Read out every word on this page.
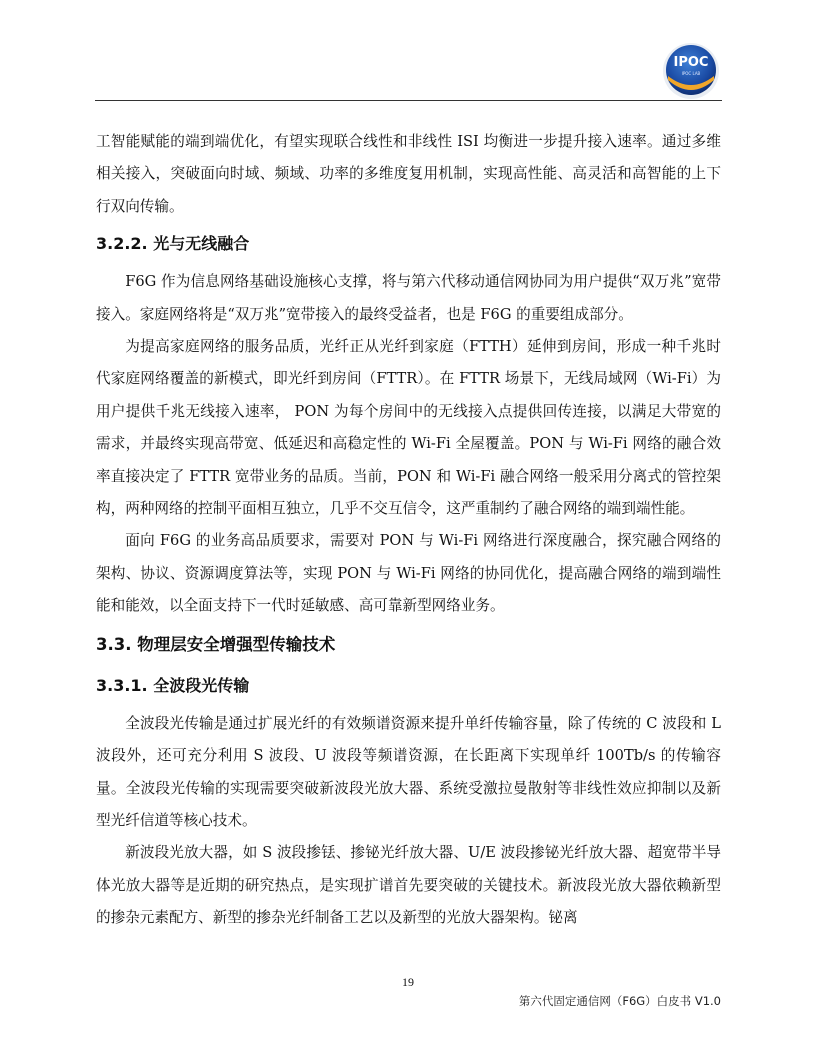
IPOC
IPOC LAB

工智能赋能的端到端优化，有望实现联合线性和非线性 ISI 均衡进一步提升接入速率。通过多维相关接入，突破面向时域、频域、功率的多维度复用机制，实现高性能、高灵活和高智能的上下行双向传输。

3.2.2. 光与无线融合

F6G 作为信息网络基础设施核心支撑，将与第六代移动通信网协同为用户提供“双万兆”宽带接入。家庭网络将是“双万兆”宽带接入的最终受益者，也是 F6G 的重要组成部分。

为提高家庭网络的服务品质，光纤正从光纤到家庭（FTTH）延伸到房间，形成一种千兆时代家庭网络覆盖的新模式，即光纤到房间（FTTR）。在 FTTR 场景下，无线局域网（Wi-Fi）为用户提供千兆无线接入速率， PON 为每个房间中的无线接入点提供回传连接，以满足大带宽的需求，并最终实现高带宽、低延迟和高稳定性的 Wi-Fi 全屋覆盖。PON 与 Wi-Fi 网络的融合效率直接决定了 FTTR 宽带业务的品质。当前，PON 和 Wi-Fi 融合网络一般采用分离式的管控架构，两种网络的控制平面相互独立，几乎不交互信令，这严重制约了融合网络的端到端性能。

面向 F6G 的业务高品质要求，需要对 PON 与 Wi-Fi 网络进行深度融合，探究融合网络的架构、协议、资源调度算法等，实现 PON 与 Wi-Fi 网络的协同优化，提高融合网络的端到端性能和能效，以全面支持下一代时延敏感、高可靠新型网络业务。

3.3. 物理层安全增强型传输技术
3.3.1. 全波段光传输

全波段光传输是通过扩展光纤的有效频谱资源来提升单纤传输容量，除了传统的 C 波段和 L 波段外，还可充分利用 S 波段、U 波段等频谱资源，在长距离下实现单纤 100Tb/s 的传输容量。全波段光传输的实现需要突破新波段光放大器、系统受激拉曼散射等非线性效应抑制以及新型光纤信道等核心技术。

新波段光放大器，如 S 波段掺铥、掺铋光纤放大器、U/E 波段掺铋光纤放大器、超宽带半导体光放大器等是近期的研究热点，是实现扩谱首先要突破的关键技术。新波段光放大器依赖新型的掺杂元素配方、新型的掺杂光纤制备工艺以及新型的光放大器架构。铋离

19
第六代固定通信网（F6G）白皮书 V1.0
